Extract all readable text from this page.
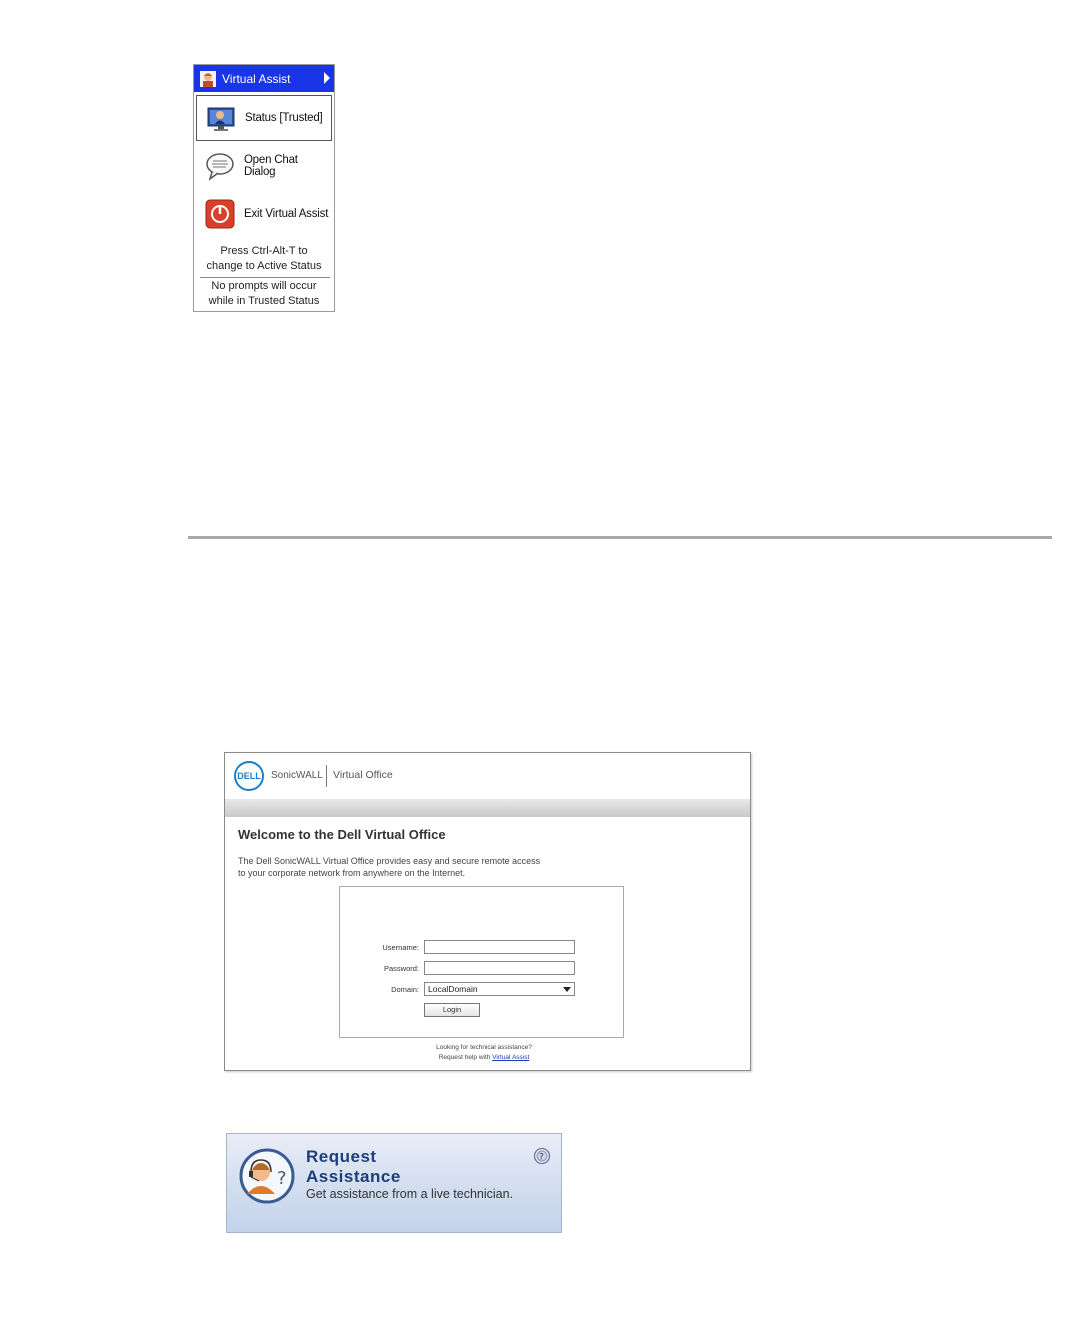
Virtual Assist
Status [Trusted]
Open Chat Dialog
Exit Virtual Assist
Press Ctrl-Alt-T to
change to Active Status
No prompts will occur
while in Trusted Status
DELL SonicWALL Virtual Office
Welcome to the Dell Virtual Office
The Dell SonicWALL Virtual Office provides easy and secure remote access
to your corporate network from anywhere on the Internet.
Username:
Password:
Domain:	LocalDomain
Login
Looking for technical assistance?
Request help with Virtual Assist
?
Request
Assistance
Get assistance from a live technician.
?
